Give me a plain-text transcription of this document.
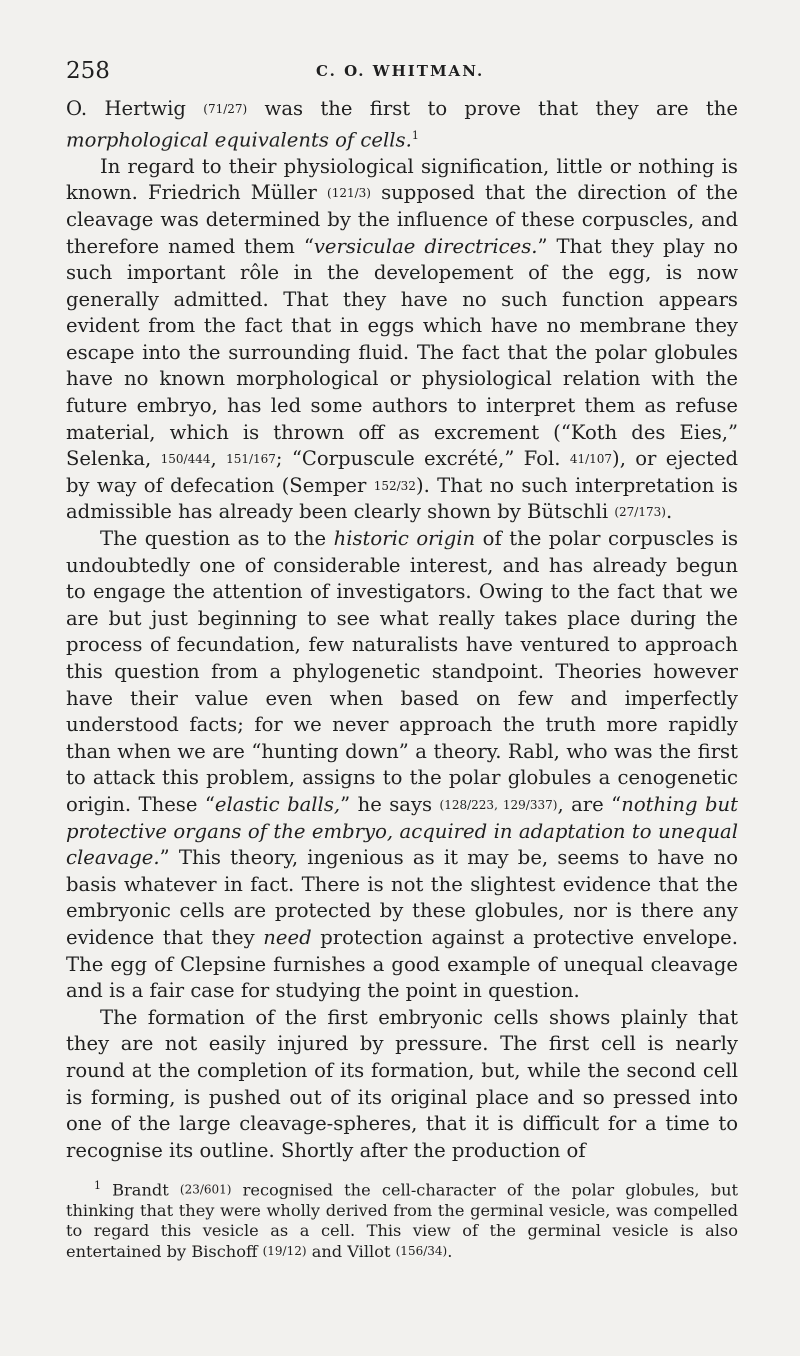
258	C. O. WHITMAN.

O. Hertwig (71/27) was the first to prove that they are the morphological equivalents of cells.$^1$

In regard to their physiological signification, little or nothing is known. Friedrich Müller (121/3) supposed that the direction of the cleavage was determined by the influence of these corpuscles, and therefore named them “versiculae directrices.” That they play no such important rôle in the developement of the egg, is now generally admitted. That they have no such function appears evident from the fact that in eggs which have no membrane they escape into the surrounding fluid. The fact that the polar globules have no known morphological or physiological relation with the future embryo, has led some authors to interpret them as refuse material, which is thrown off as excrement (“Koth des Eies,” Selenka, 150/444, 151/167; “Corpuscule excrété,” Fol. 41/107), or ejected by way of defecation (Semper 152/32). That no such interpretation is admissible has already been clearly shown by Bütschli (27/173).

The question as to the historic origin of the polar corpuscles is undoubtedly one of considerable interest, and has already begun to engage the attention of investigators. Owing to the fact that we are but just beginning to see what really takes place during the process of fecundation, few naturalists have ventured to approach this question from a phylogenetic standpoint. Theories however have their value even when based on few and imperfectly understood facts; for we never approach the truth more rapidly than when we are “hunting down” a theory. Rabl, who was the first to attack this problem, assigns to the polar globules a cenogenetic origin. These “elastic balls,” he says (128/223, 129/337), are “nothing but protective organs of the embryo, acquired in adaptation to unequal cleavage.” This theory, ingenious as it may be, seems to have no basis whatever in fact. There is not the slightest evidence that the embryonic cells are protected by these globules, nor is there any evidence that they need protection against a protective envelope. The egg of Clepsine furnishes a good example of unequal cleavage and is a fair case for studying the point in question.

The formation of the first embryonic cells shows plainly that they are not easily injured by pressure. The first cell is nearly round at the completion of its formation, but, while the second cell is forming, is pushed out of its original place and so pressed into one of the large cleavage-spheres, that it is difficult for a time to recognise its outline. Shortly after the production of

$^1$ Brandt (23/601) recognised the cell-character of the polar globules, but thinking that they were wholly derived from the germinal vesicle, was compelled to regard this vesicle as a cell. This view of the germinal vesicle is also entertained by Bischoff (19/12) and Villot (156/34).
